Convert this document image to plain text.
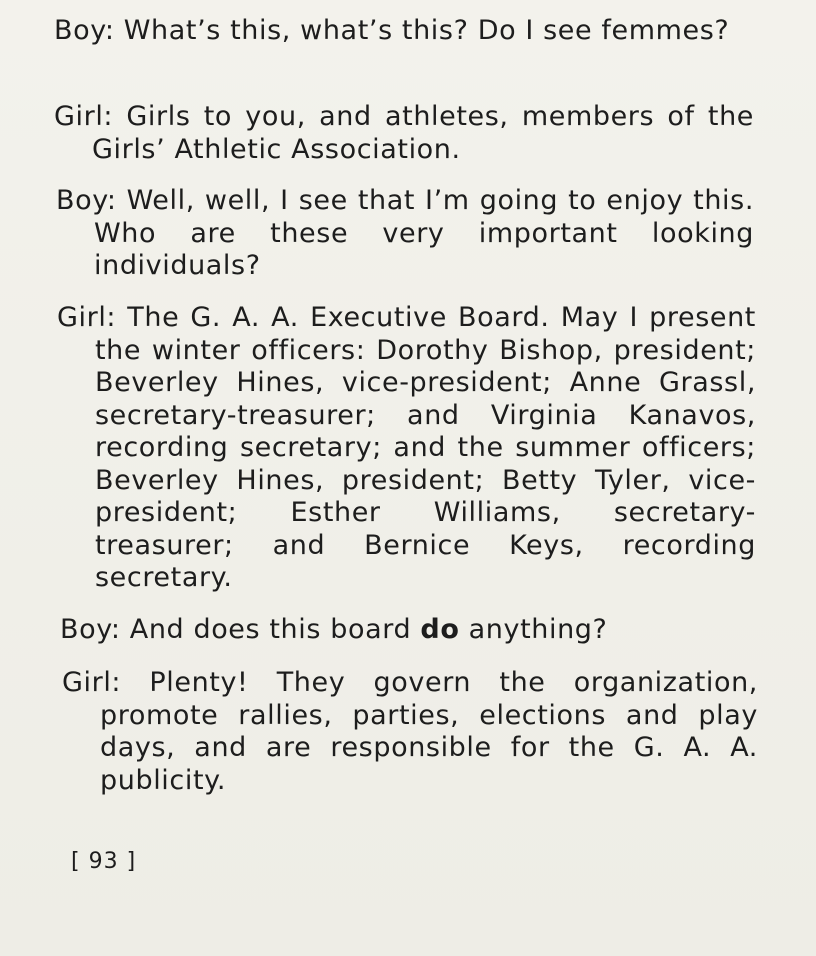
Boy: What’s this, what’s this? Do I see femmes?

Girl: Girls to you, and athletes, members of the Girls’ Athletic Association.

Boy: Well, well, I see that I’m going to enjoy this. Who are these very important looking individuals?

Girl: The G. A. A. Executive Board. May I present the winter officers: Dorothy Bishop, president; Beverley Hines, vice-president; Anne Grassl, secretary-treasurer; and Virginia Kanavos, recording secretary; and the summer officers; Beverley Hines, president; Betty Tyler, vice-president; Esther Williams, secretary-treasurer; and Bernice Keys, recording secretary.

Boy: And does this board do anything?

Girl: Plenty! They govern the organization, promote rallies, parties, elections and play days, and are responsible for the G. A. A. publicity.

[ 93 ]
